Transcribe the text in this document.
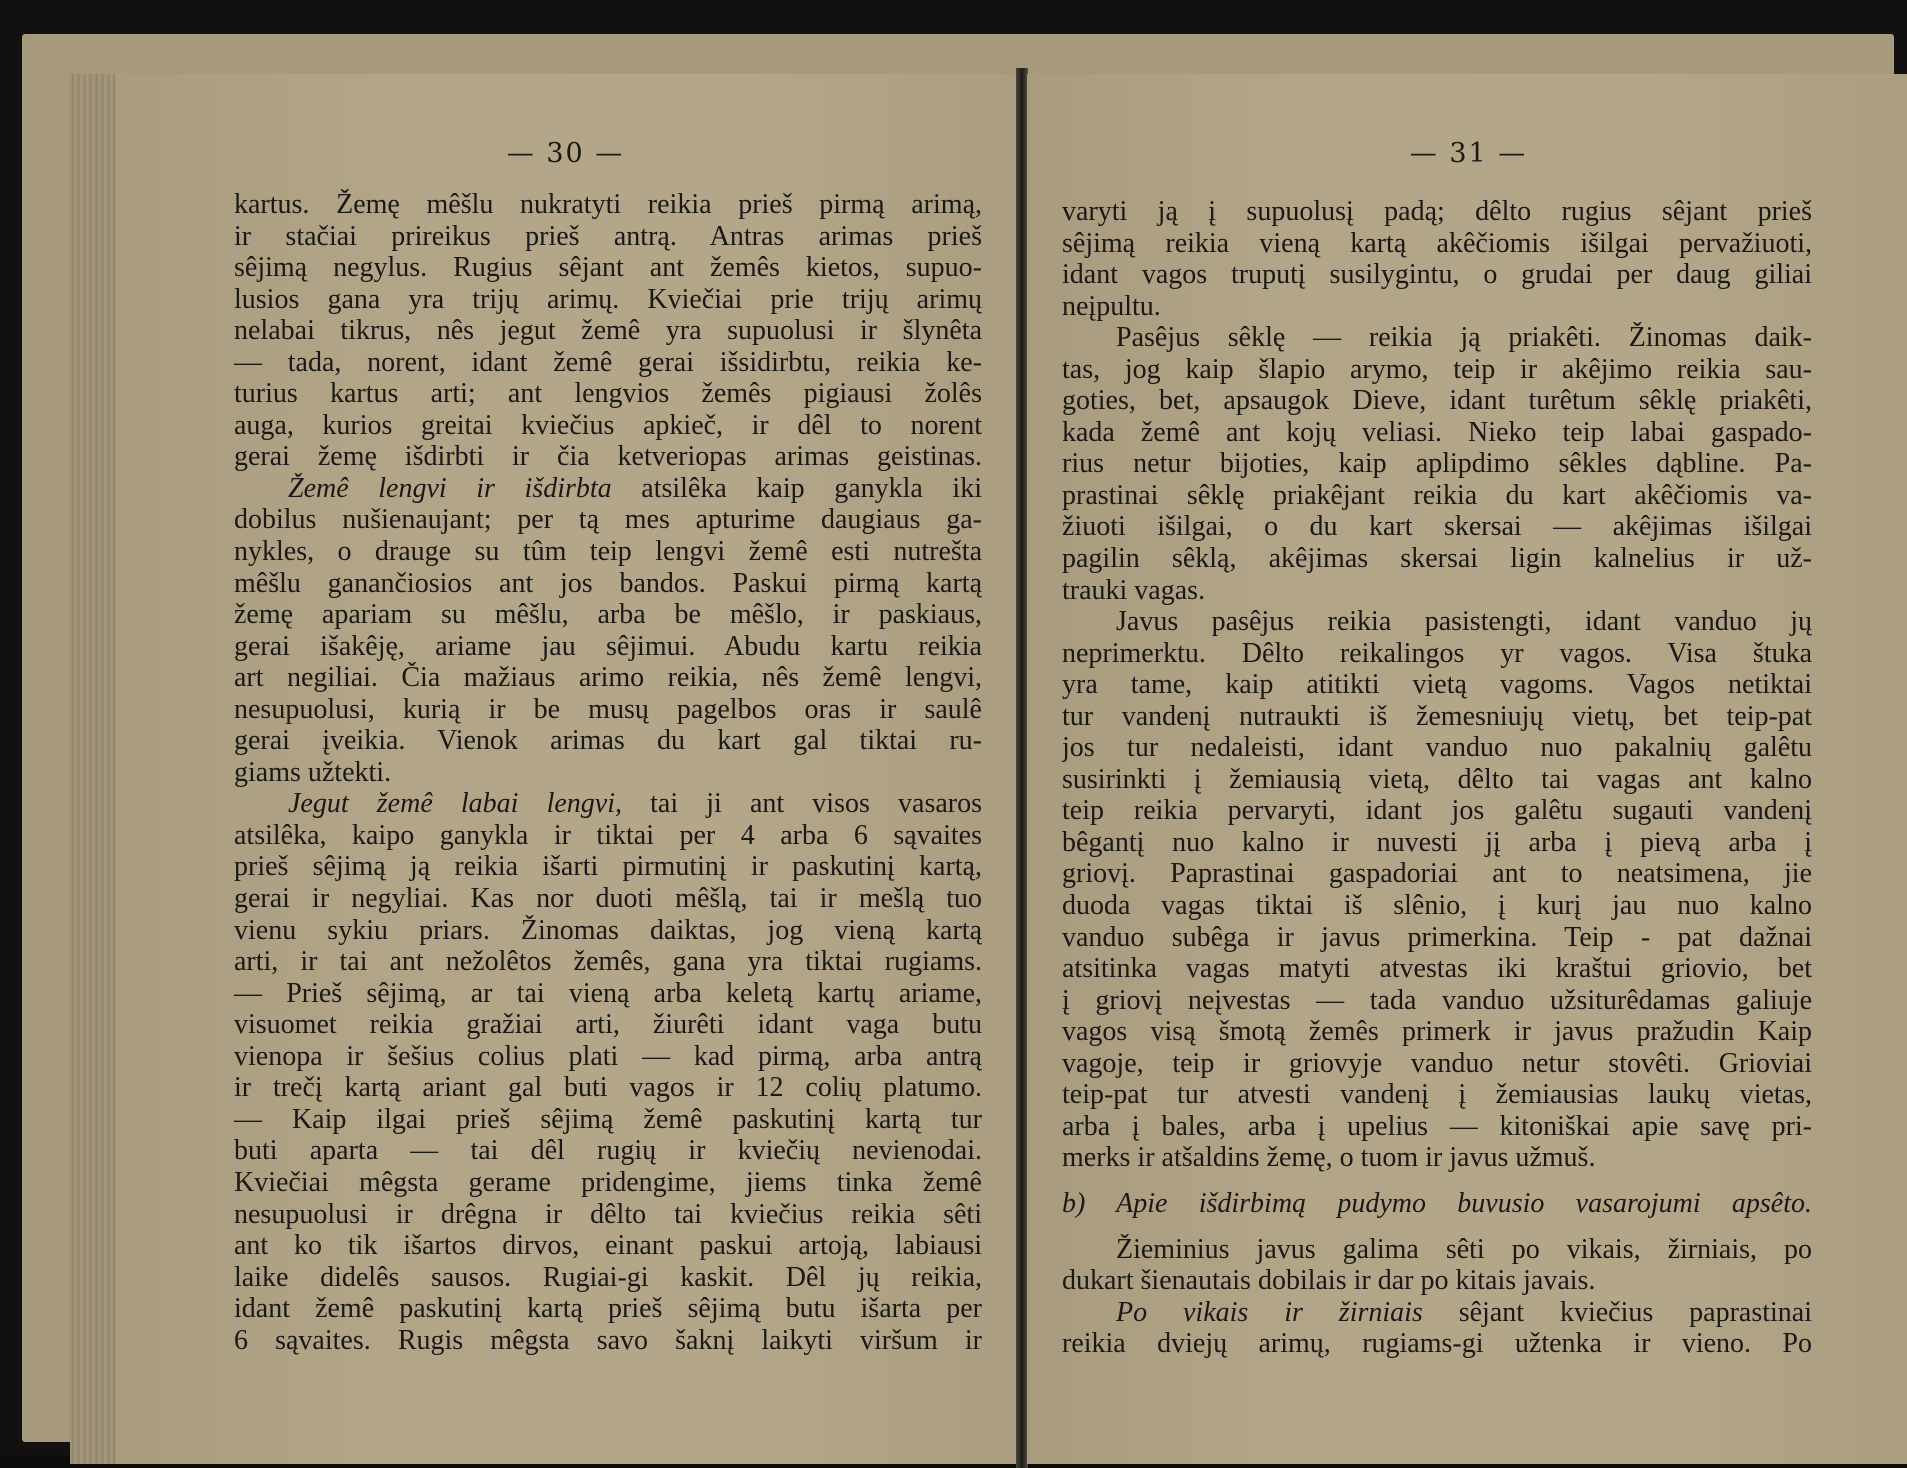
— 30 —
kartus. Žemę mêšlu nukratyti reikia prieš pirmą arimą,
ir stačiai prireikus prieš antrą. Antras arimas prieš
sêjimą negylus. Rugius sêjant ant žemês kietos, supuo-
lusios gana yra trijų arimų. Kviečiai prie trijų arimų
nelabai tikrus, nês jegut žemê yra supuolusi ir šlynêta
— tada, norent, idant žemê gerai išsidirbtu, reikia ke-
turius kartus arti; ant lengvios žemês pigiausi žolês
auga, kurios greitai kviečius apkieč, ir dêl to norent
gerai žemę išdirbti ir čia ketveriopas arimas geistinas.
Žemê lengvi ir išdirbta atsilêka kaip ganykla iki
dobilus nušienaujant; per tą mes apturime daugiaus ga-
nykles, o drauge su tûm teip lengvi žemê esti nutrešta
mêšlu ganančiosios ant jos bandos. Paskui pirmą kartą
žemę apariam su mêšlu, arba be mêšlo, ir paskiaus,
gerai išakêję, ariame jau sêjimui. Abudu kartu reikia
art negiliai. Čia mažiaus arimo reikia, nês žemê lengvi,
nesupuolusi, kurią ir be musų pagelbos oras ir saulê
gerai įveikia. Vienok arimas du kart gal tiktai ru-
giams užtekti.
Jegut žemê labai lengvi, tai ji ant visos vasaros
atsilêka, kaipo ganykla ir tiktai per 4 arba 6 sąvaites
prieš sêjimą ją reikia išarti pirmutinį ir paskutinį kartą,
gerai ir negyliai. Kas nor duoti mêšlą, tai ir mešlą tuo
vienu sykiu priars. Žinomas daiktas, jog vieną kartą
arti, ir tai ant nežolêtos žemês, gana yra tiktai rugiams.
— Prieš sêjimą, ar tai vieną arba keletą kartų ariame,
visuomet reikia gražiai arti, žiurêti idant vaga butu
vienopa ir šešius colius plati — kad pirmą, arba antrą
ir trečį kartą ariant gal buti vagos ir 12 colių platumo.
— Kaip ilgai prieš sêjimą žemê paskutinį kartą tur
buti aparta — tai dêl rugių ir kviečių nevienodai.
Kviečiai mêgsta gerame pridengime, jiems tinka žemê
nesupuolusi ir drêgna ir dêlto tai kviečius reikia sêti
ant ko tik išartos dirvos, einant paskui artoją, labiausi
laike didelês sausos. Rugiai-gi kaskit. Dêl jų reikia,
idant žemê paskutinį kartą prieš sêjimą butu išarta per
6 sąvaites. Rugis mêgsta savo šaknį laikyti viršum ir
— 31 —
varyti ją į supuolusį padą; dêlto rugius sêjant prieš
sêjimą reikia vieną kartą akêčiomis išilgai pervažiuoti,
idant vagos truputį susilygintu, o grudai per daug giliai
neįpultu.
Pasêjus sêklę — reikia ją priakêti. Žinomas daik-
tas, jog kaip šlapio arymo, teip ir akêjimo reikia sau-
goties, bet, apsaugok Dieve, idant turêtum sêklę priakêti,
kada žemê ant kojų veliasi. Nieko teip labai gaspado-
rius netur bijoties, kaip aplipdimo sêkles dąbline. Pa-
prastinai sêklę priakêjant reikia du kart akêčiomis va-
žiuoti išilgai, o du kart skersai — akêjimas išilgai
pagilin sêklą, akêjimas skersai ligin kalnelius ir už-
trauki vagas.
Javus pasêjus reikia pasistengti, idant vanduo jų
neprimerktu. Dêlto reikalingos yr vagos. Visa štuka
yra tame, kaip atitikti vietą vagoms. Vagos netiktai
tur vandenį nutraukti iš žemesniujų vietų, bet teip-pat
jos tur nedaleisti, idant vanduo nuo pakalnių galêtu
susirinkti į žemiausią vietą, dêlto tai vagas ant kalno
teip reikia pervaryti, idant jos galêtu sugauti vandenį
bêgantį nuo kalno ir nuvesti jį arba į pievą arba į
griovį. Paprastinai gaspadoriai ant to neatsimena, jie
duoda vagas tiktai iš slênio, į kurį jau nuo kalno
vanduo subêga ir javus primerkina. Teip - pat dažnai
atsitinka vagas matyti atvestas iki kraštui griovio, bet
į griovį neįvestas — tada vanduo užsiturêdamas galiuje
vagos visą šmotą žemês primerk ir javus pražudin Kaip
vagoje, teip ir griovyje vanduo netur stovêti. Grioviai
teip-pat tur atvesti vandenį į žemiausias laukų vietas,
arba į bales, arba į upelius — kitoniškai apie savę pri-
merks ir atšaldins žemę, o tuom ir javus užmuš.
b) Apie išdirbimą pudymo buvusio vasarojumi apsêto.
Žieminius javus galima sêti po vikais, žirniais, po
dukart šienautais dobilais ir dar po kitais javais.
Po vikais ir žirniais sêjant kviečius paprastinai
reikia dviejų arimų, rugiams-gi užtenka ir vieno. Po
